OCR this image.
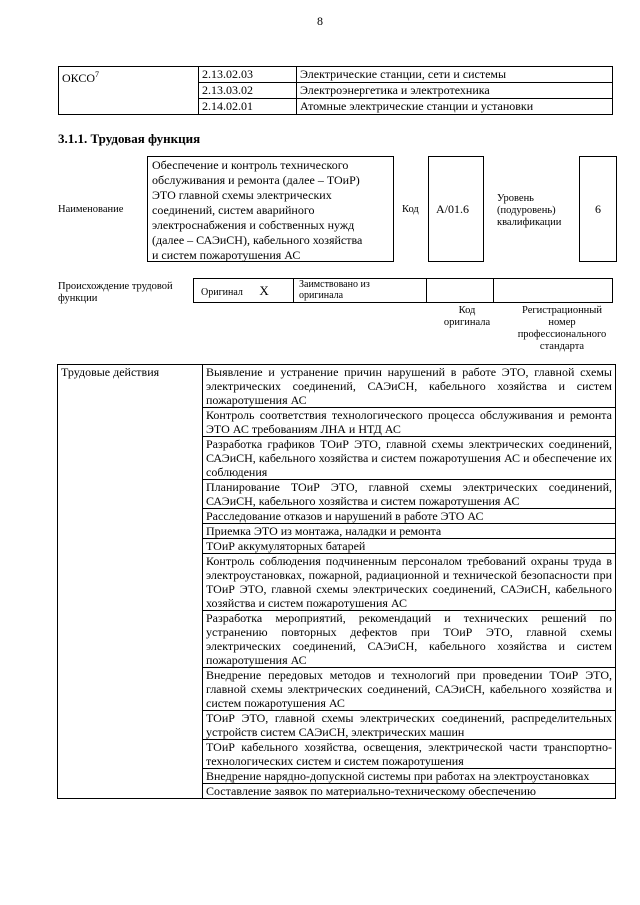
8
ОКСО$^7$	2.13.02.03	Электрические станции, сети и системы
	2.13.03.02	Электроэнергетика и электротехника
	2.14.02.01	Атомные электрические станции и установки
3.1.1. Трудовая функция
Наименование
Обеспечение и контроль технического
обслуживания и ремонта (далее – ТОиР)
ЭТО главной схемы электрических
соединений, систем аварийного
электроснабжения и собственных нужд
(далее – САЭиСН), кабельного хозяйства
и систем пожаротушения АС
Код А/01.6
Уровень
(подуровень)
квалификации
6
Происхождение трудовой
функции
Оригинал X	Заимствовано из
оригинала

Код
оригинала
Регистрационный
номер
профессионального
стандарта
Трудовые действия	Выявление и устранение причин нарушений в работе ЭТО, главной схемы электрических соединений, САЭиСН, кабельного хозяйства и систем пожаротушения АС
Контроль соответствия технологического процесса обслуживания и ремонта ЭТО АС требованиям ЛНА и НТД АС
Разработка графиков ТОиР ЭТО, главной схемы электрических соединений, САЭиСН, кабельного хозяйства и систем пожаротушения АС и обеспечение их соблюдения
Планирование ТОиР ЭТО, главной схемы электрических соединений, САЭиСН, кабельного хозяйства и систем пожаротушения АС
Расследование отказов и нарушений в работе ЭТО АС
Приемка ЭТО из монтажа, наладки и ремонта
ТОиР аккумуляторных батарей
Контроль соблюдения подчиненным персоналом требований охраны труда в электроустановках, пожарной, радиационной и технической безопасности при ТОиР ЭТО, главной схемы электрических соединений, САЭиСН, кабельного хозяйства и систем пожаротушения АС
Разработка мероприятий, рекомендаций и технических решений по устранению повторных дефектов при ТОиР ЭТО, главной схемы электрических соединений, САЭиСН, кабельного хозяйства и систем пожаротушения АС
Внедрение передовых методов и технологий при проведении ТОиР ЭТО, главной схемы электрических соединений, САЭиСН, кабельного хозяйства и систем пожаротушения АС
ТОиР ЭТО, главной схемы электрических соединений, распределительных устройств систем САЭиСН, электрических машин
ТОиР кабельного хозяйства, освещения, электрической части транспортно-технологических систем и систем пожаротушения
Внедрение нарядно-допускной системы при работах на электроустановках
Составление заявок по материально-техническому обеспечению
